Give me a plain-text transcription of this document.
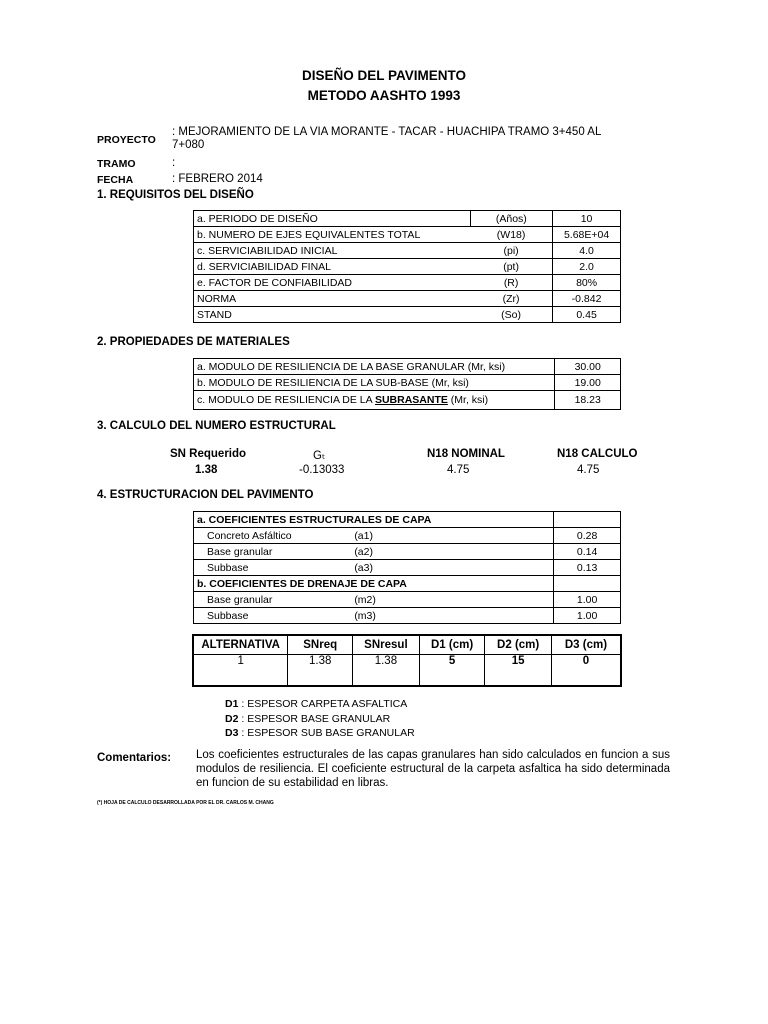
DISEÑO DEL PAVIMENTO
METODO AASHTO 1993
PROYECTO
: MEJORAMIENTO DE LA VIA MORANTE - TACAR - HUACHIPA TRAMO 3+450 AL
7+080
TRAMO	:
FECHA	: FEBRERO 2014
1. REQUISITOS DEL DISEÑO
a. PERIODO DE DISEÑO	(Años)	10
b. NUMERO DE EJES EQUIVALENTES TOTAL	(W18)	5.68E+04
c. SERVICIABILIDAD INICIAL	(pi)	4.0
d. SERVICIABILIDAD FINAL	(pt)	2.0
e. FACTOR DE CONFIABILIDAD	(R)	80%
NORMA	(Zr)	-0.842
STAND	(So)	0.45
2. PROPIEDADES DE MATERIALES
a. MODULO DE RESILIENCIA DE LA BASE GRANULAR (Mr, ksi)	30.00
b. MODULO DE RESILIENCIA DE LA SUB-BASE (Mr, ksi)	19.00
c. MODULO DE RESILIENCIA DE LA SUBRASANTE (Mr, ksi)	18.23
3. CALCULO DEL NUMERO ESTRUCTURAL
SN Requerido	Gₜ	N18 NOMINAL	N18 CALCULO
1.38	-0.13033	4.75	4.75
4. ESTRUCTURACION DEL PAVIMENTO
a. COEFICIENTES ESTRUCTURALES DE CAPA		
Concreto Asfáltico	(a1)	0.28
Base granular	(a2)	0.14
Subbase	(a3)	0.13
b. COEFICIENTES DE DRENAJE DE CAPA		
Base granular	(m2)	1.00
Subbase	(m3)	1.00
ALTERNATIVA	SNreq	SNresul	D1 (cm)	D2 (cm)	D3 (cm)
1	1.38	1.38	5	15	0
D1 : ESPESOR CARPETA ASFALTICA
D2 : ESPESOR BASE GRANULAR
D3 : ESPESOR SUB BASE GRANULAR
Comentarios: Los coeficientes estructurales de las capas granulares han sido calculados en funcion a sus modulos de resiliencia. El coeficiente estructural de la carpeta asfaltica ha sido determinada en funcion de su estabilidad en libras.
(*) HOJA DE CALCULO DESARROLLADA POR EL DR. CARLOS M. CHANG
